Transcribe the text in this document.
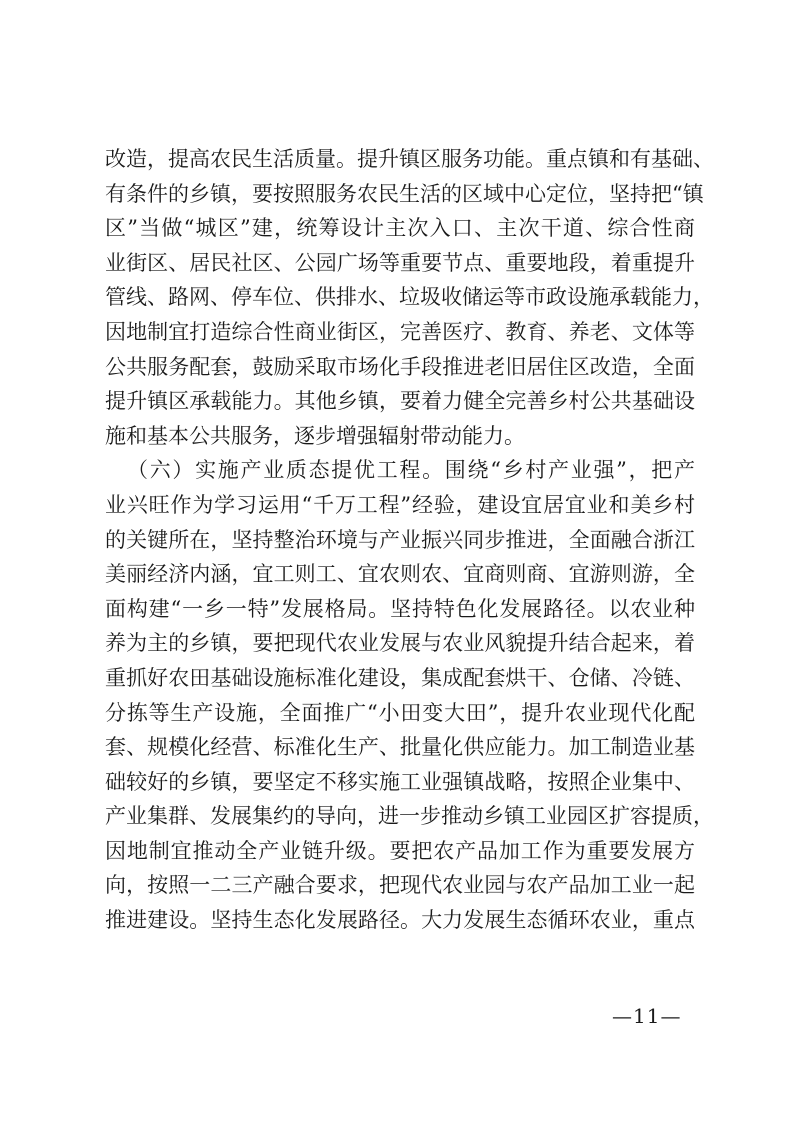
改造，提高农民生活质量。提升镇区服务功能。重点镇和有基础、
有条件的乡镇，要按照服务农民生活的区域中心定位，坚持把“镇
区”当做“城区”建，统筹设计主次入口、主次干道、综合性商
业街区、居民社区、公园广场等重要节点、重要地段，着重提升
管线、路网、停车位、供排水、垃圾收储运等市政设施承载能力，
因地制宜打造综合性商业街区，完善医疗、教育、养老、文体等
公共服务配套，鼓励采取市场化手段推进老旧居住区改造，全面
提升镇区承载能力。其他乡镇，要着力健全完善乡村公共基础设
施和基本公共服务，逐步增强辐射带动能力。
（六）实施产业质态提优工程。围绕“乡村产业强”，把产
业兴旺作为学习运用“千万工程”经验，建设宜居宜业和美乡村
的关键所在，坚持整治环境与产业振兴同步推进，全面融合浙江
美丽经济内涵，宜工则工、宜农则农、宜商则商、宜游则游，全
面构建“一乡一特”发展格局。坚持特色化发展路径。以农业种
养为主的乡镇，要把现代农业发展与农业风貌提升结合起来，着
重抓好农田基础设施标准化建设，集成配套烘干、仓储、冷链、
分拣等生产设施，全面推广“小田变大田”，提升农业现代化配
套、规模化经营、标准化生产、批量化供应能力。加工制造业基
础较好的乡镇，要坚定不移实施工业强镇战略，按照企业集中、
产业集群、发展集约的导向，进一步推动乡镇工业园区扩容提质，
因地制宜推动全产业链升级。要把农产品加工作为重要发展方
向，按照一二三产融合要求，把现代农业园与农产品加工业一起
推进建设。坚持生态化发展路径。大力发展生态循环农业，重点
—11—
